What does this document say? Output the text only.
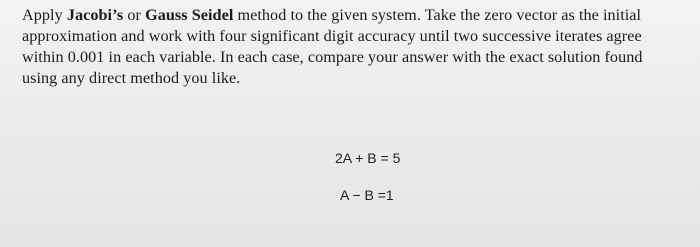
Apply Jacobi’s or Gauss Seidel method to the given system. Take the zero vector as the initial
approximation and work with four significant digit accuracy until two successive iterates agree
within 0.001 in each variable. In each case, compare your answer with the exact solution found
using any direct method you like.

2A + B = 5
A − B =1
